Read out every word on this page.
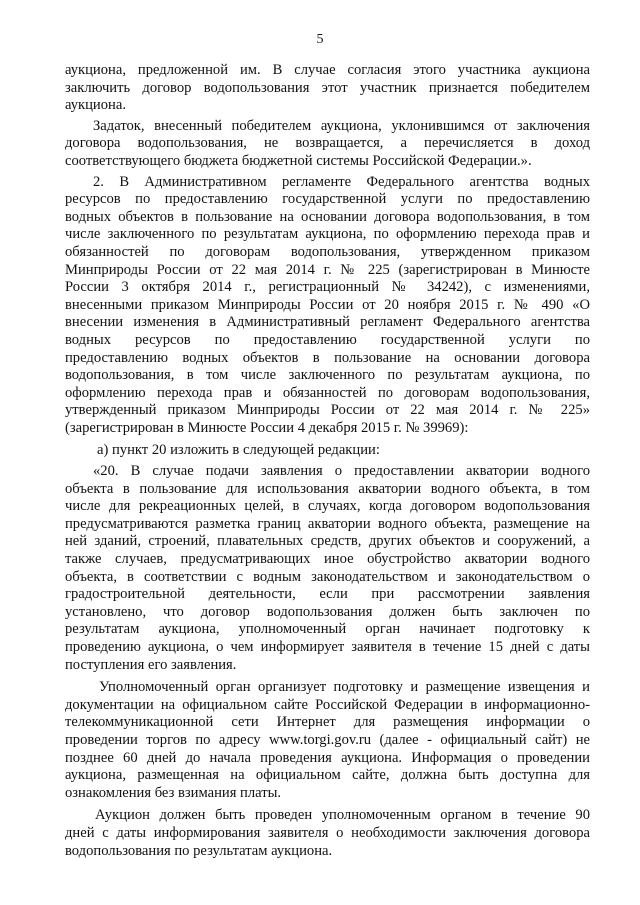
5
аукциона, предложенной им. В случае согласия этого участника аукциона
заключить договор водопользования этот участник признается победителем
аукциона.
Задаток, внесенный победителем аукциона, уклонившимся от заключения
договора водопользования, не возвращается, а перечисляется в доход
соответствующего бюджета бюджетной системы Российской Федерации.».
2. В Административном регламенте Федерального агентства водных
ресурсов по предоставлению государственной услуги по предоставлению
водных объектов в пользование на основании договора водопользования, в том
числе заключенного по результатам аукциона, по оформлению перехода прав и
обязанностей по договорам водопользования, утвержденном приказом
Минприроды России от 22 мая 2014 г. № 225 (зарегистрирован в Минюсте
России 3 октября 2014 г., регистрационный № 34242), с изменениями,
внесенными приказом Минприроды России от 20 ноября 2015 г. № 490 «О
внесении изменения в Административный регламент Федерального агентства
водных ресурсов по предоставлению государственной услуги по
предоставлению водных объектов в пользование на основании договора
водопользования, в том числе заключенного по результатам аукциона, по
оформлению перехода прав и обязанностей по договорам водопользования,
утвержденный приказом Минприроды России от 22 мая 2014 г. № 225»
(зарегистрирован в Минюсте России 4 декабря 2015 г. № 39969):
а) пункт 20 изложить в следующей редакции:
«20. В случае подачи заявления о предоставлении акватории водного
объекта в пользование для использования акватории водного объекта, в том
числе для рекреационных целей, в случаях, когда договором водопользования
предусматриваются разметка границ акватории водного объекта, размещение на
ней зданий, строений, плавательных средств, других объектов и сооружений, а
также случаев, предусматривающих иное обустройство акватории водного
объекта, в соответствии с водным законодательством и законодательством о
градостроительной деятельности, если при рассмотрении заявления
установлено, что договор водопользования должен быть заключен по
результатам аукциона, уполномоченный орган начинает подготовку к
проведению аукциона, о чем информирует заявителя в течение 15 дней с даты
поступления его заявления.
Уполномоченный орган организует подготовку и размещение извещения и
документации на официальном сайте Российской Федерации в информационно-
телекоммуникационной сети Интернет для размещения информации о
проведении торгов по адресу www.torgi.gov.ru (далее - официальный сайт) не
позднее 60 дней до начала проведения аукциона. Информация о проведении
аукциона, размещенная на официальном сайте, должна быть доступна для
ознакомления без взимания платы.
Аукцион должен быть проведен уполномоченным органом в течение 90
дней с даты информирования заявителя о необходимости заключения договора
водопользования по результатам аукциона.
